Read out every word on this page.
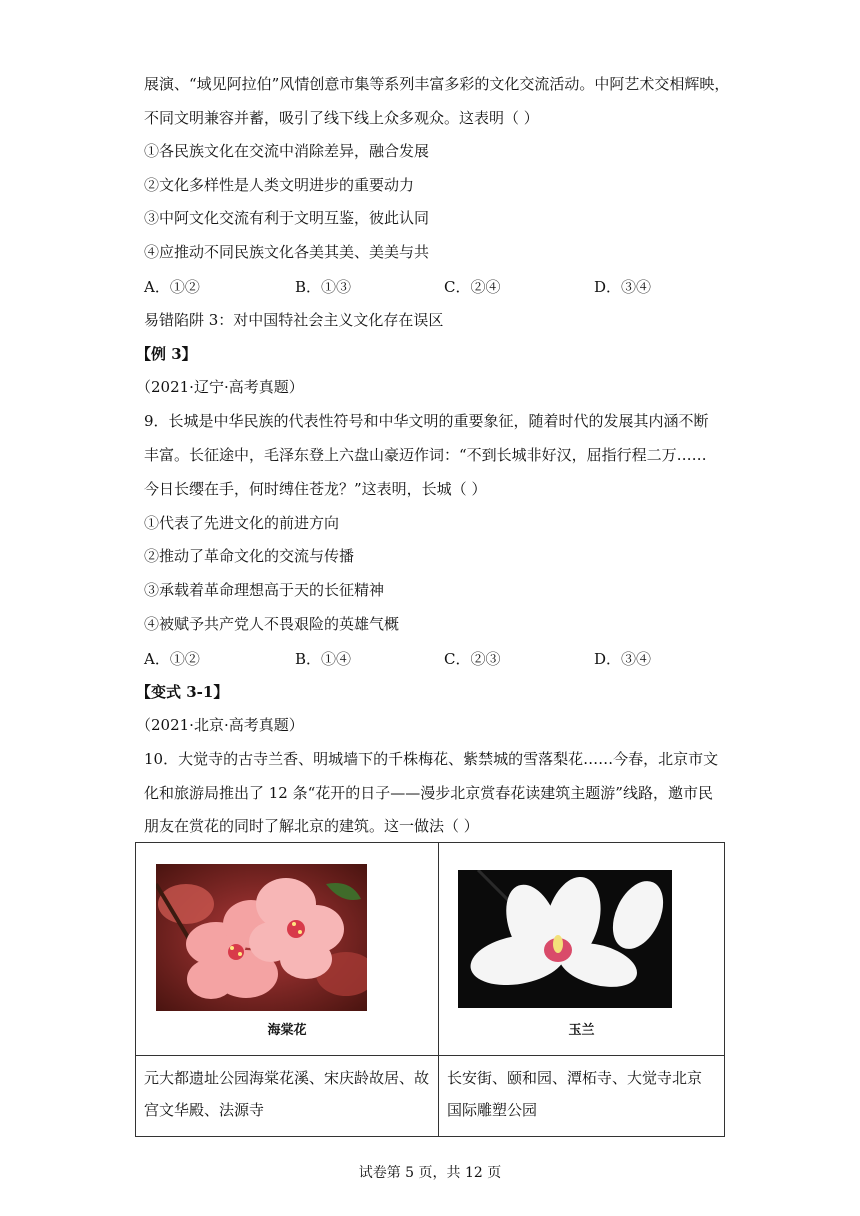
展演、“域见阿拉伯”风情创意市集等系列丰富多彩的文化交流活动。中阿艺术交相辉映，
不同文明兼容并蓄，吸引了线下线上众多观众。这表明（ ）
①各民族文化在交流中消除差异，融合发展
②文化多样性是人类文明进步的重要动力
③中阿文化交流有利于文明互鉴，彼此认同
④应推动不同民族文化各美其美、美美与共
A．①②	B．①③	C．②④	D．③④
易错陷阱 3：对中国特社会主义文化存在误区
【例 3】
（2021·辽宁·高考真题）
9．长城是中华民族的代表性符号和中华文明的重要象征，随着时代的发展其内涵不断
丰富。长征途中，毛泽东登上六盘山豪迈作词：“不到长城非好汉，屈指行程二万……
今日长缨在手，何时缚住苍龙？”这表明，长城（ ）
①代表了先进文化的前进方向
②推动了革命文化的交流与传播
③承载着革命理想高于天的长征精神
④被赋予共产党人不畏艰险的英雄气概
A．①②	B．①④	C．②③	D．③④
【变式 3-1】
（2021·北京·高考真题）
10．大觉寺的古寺兰香、明城墙下的千株梅花、紫禁城的雪落梨花……今春，北京市文
化和旅游局推出了 12 条“花开的日子——漫步北京赏春花读建筑主题游”线路，邀市民
朋友在赏花的同时了解北京的建筑。这一做法（ ）
海棠花	玉兰

元大都遗址公园海棠花溪、宋庆龄故居、故宫文华殿、法源寺	长安街、颐和园、潭柘寺、大觉寺北京国际雕塑公园
试卷第 5 页，共 12 页
